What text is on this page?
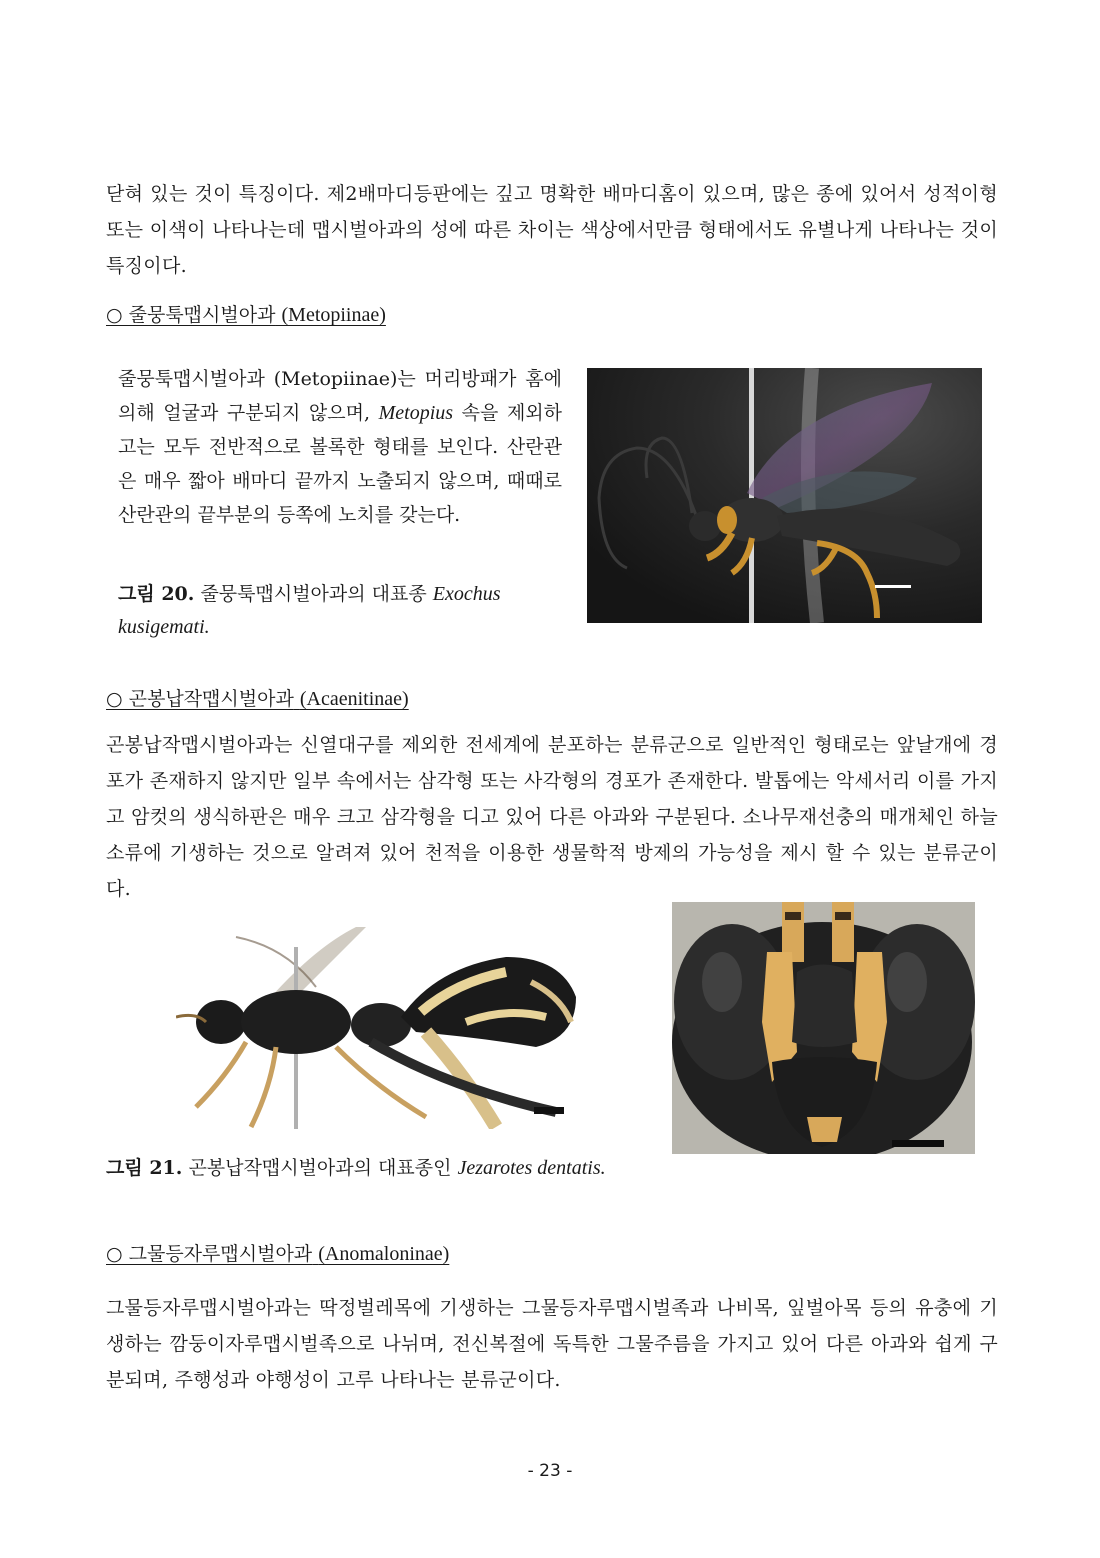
닫혀 있는 것이 특징이다. 제2배마디등판에는 깊고 명확한 배마디홈이 있으며, 많은 종에 있어서 성적이형 또는 이색이 나타나는데 맵시벌아과의 성에 따른 차이는 색상에서만큼 형태에서도 유별나게 나타나는 것이 특징이다.

○ 줄뭉툭맵시벌아과 (Metopiinae)

줄뭉툭맵시벌아과 (Metopiinae)는 머리방패가 홈에 의해 얼굴과 구분되지 않으며, Metopius 속을 제외하고는 모두 전반적으로 볼록한 형태를 보인다. 산란관은 매우 짧아 배마디 끝까지 노출되지 않으며, 때때로 산란관의 끝부분의 등쪽에 노치를 갖는다.

그림 20. 줄뭉툭맵시벌아과의 대표종 Exochus kusigemati.

○ 곤봉납작맵시벌아과 (Acaenitinae)

곤봉납작맵시벌아과는 신열대구를 제외한 전세계에 분포하는 분류군으로 일반적인 형태로는 앞날개에 경포가 존재하지 않지만 일부 속에서는 삼각형 또는 사각형의 경포가 존재한다. 발톱에는 악세서리 이를 가지고 암컷의 생식하판은 매우 크고 삼각형을 디고 있어 다른 아과와 구분된다. 소나무재선충의 매개체인 하늘소류에 기생하는 것으로 알려져 있어 천적을 이용한 생물학적 방제의 가능성을 제시 할 수 있는 분류군이다.

그림 21. 곤봉납작맵시벌아과의 대표종인 Jezarotes dentatis.

○ 그물등자루맵시벌아과 (Anomaloninae)

그물등자루맵시벌아과는 딱정벌레목에 기생하는 그물등자루맵시벌족과 나비목, 잎벌아목 등의 유충에 기생하는 깜둥이자루맵시벌족으로 나뉘며, 전신복절에 독특한 그물주름을 가지고 있어 다른 아과와 쉽게 구분되며, 주행성과 야행성이 고루 나타나는 분류군이다.

- 23 -
